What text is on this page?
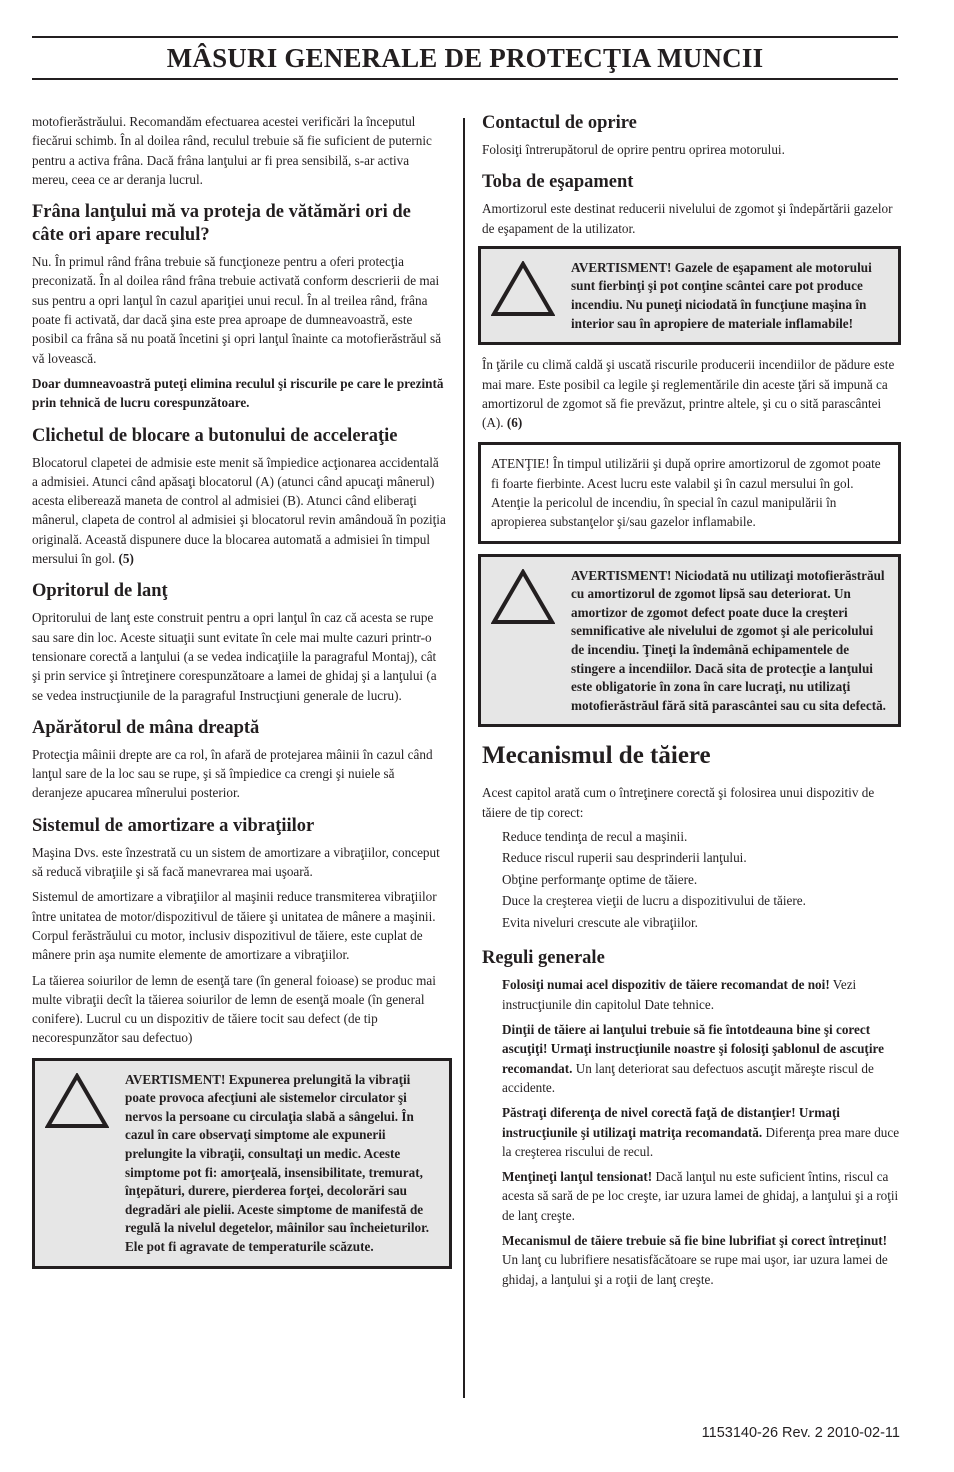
MÂSURI GENERALE DE PROTECŢIA MUNCII

motofierăstrăului. Recomandăm efectuarea acestei verificări la începutul fiecărui schimb. În al doilea rând, reculul trebuie să fie suficient de puternic pentru a activa frâna. Dacă frâna lanţului ar fi prea sensibilă, s-ar activa mereu, ceea ce ar deranja lucrul.

Frâna lanţului mă va proteja de vătămări ori de câte ori apare reculul?

Nu. În primul rând frâna trebuie să funcţioneze pentru a oferi protecţia preconizată. În al doilea rând frâna trebuie activată conform descrierii de mai sus pentru a opri lanţul în cazul apariţiei unui recul. În al treilea rând, frâna poate fi activată, dar dacă şina este prea aproape de dumneavoastră, este posibil ca frâna să nu poată încetini şi opri lanţul înainte ca motofierăstrăul să vă lovească.

Doar dumneavoastră puteţi elimina reculul şi riscurile pe care le prezintă prin tehnică de lucru corespunzătoare.

Clichetul de blocare a butonului de acceleraţie

Blocatorul clapetei de admisie este menit să împiedice acţionarea accidentală a admisiei. Atunci când apăsaţi blocatorul (A) (atunci când apucaţi mânerul) acesta eliberează maneta de control al admisiei (B). Atunci când eliberaţi mânerul, clapeta de control al admisiei şi blocatorul revin amândouă în poziţia originală. Această dispunere duce la blocarea automată a admisiei în timpul mersului în gol. (5)

Opritorul de lanţ

Opritorului de lanţ este construit pentru a opri lanţul în caz că acesta se rupe sau sare din loc. Aceste situaţii sunt evitate în cele mai multe cazuri printr-o tensionare corectă a lanţului (a se vedea indicaţiile la paragraful Montaj), cât şi prin service şi întreţinere corespunzătoare a lamei de ghidaj şi a lanţului (a se vedea instrucţiunile de la paragraful Instrucţiuni generale de lucru).

Apărătorul de mâna dreaptă

Protecţia mâinii drepte are ca rol, în afară de protejarea mâinii în cazul când lanţul sare de la loc sau se rupe, şi să împiedice ca crengi şi nuiele să deranjeze apucarea mînerului posterior.

Sistemul de amortizare a vibraţiilor

Maşina Dvs. este înzestrată cu un sistem de amortizare a vibraţiilor, conceput să reducă vibraţiile şi să facă manevrarea mai uşoară.

Sistemul de amortizare a vibraţiilor al maşinii reduce transmiterea vibraţiilor între unitatea de motor/dispozitivul de tăiere şi unitatea de mânere a maşinii. Corpul ferăstrăului cu motor, inclusiv dispozitivul de tăiere, este cuplat de mânere prin aşa numite elemente de amortizare a vibraţiilor.

La tăierea soiurilor de lemn de esenţă tare (în general foioase) se produc mai multe vibraţii decît la tăierea soiurilor de lemn de esenţă moale (în general conifere). Lucrul cu un dispozitiv de tăiere tocit sau defect (de tip necorespunzător sau defectuo)

AVERTISMENT! Expunerea prelungită la vibraţii poate provoca afecţiuni ale sistemelor circulator şi nervos la persoane cu circulaţia slabă a sângelui. În cazul în care observaţi simptome ale expunerii prelungite la vibraţii, consultaţi un medic. Aceste simptome pot fi: amorţeală, insensibilitate, tremurat, înţepături, durere, pierderea forţei, decolorări sau degradări ale pielii. Aceste simptome de manifestă de regulă la nivelul degetelor, mâinilor sau încheieturilor. Ele pot fi agravate de temperaturile scăzute.

Contactul de oprire

Folosiţi întrerupătorul de oprire pentru oprirea motorului.

Toba de eşapament

Amortizorul este destinat reducerii nivelului de zgomot şi îndepărtării gazelor de eşapament de la utilizator.

AVERTISMENT! Gazele de eşapament ale motorului sunt fierbinţi şi pot conţine scântei care pot produce incendiu. Nu puneţi niciodată în funcţiune maşina în interior sau în apropiere de materiale inflamabile!

În ţările cu climă caldă şi uscată riscurile producerii incendiilor de pădure este mai mare. Este posibil ca legile şi reglementările din aceste ţări să impună ca amortizorul de zgomot să fie prevăzut, printre altele, şi cu o sită parascântei (A). (6)

ATENŢIE! În timpul utilizării şi după oprire amortizorul de zgomot poate fi foarte fierbinte. Acest lucru este valabil şi în cazul mersului în gol. Atenţie la pericolul de incendiu, în special în cazul manipulării în apropierea substanţelor şi/sau gazelor inflamabile.

AVERTISMENT! Niciodată nu utilizaţi motofierăstrăul cu amortizorul de zgomot lipsă sau deteriorat. Un amortizor de zgomot defect poate duce la creşteri semnificative ale nivelului de zgomot şi ale pericolului de incendiu. Ţineţi la îndemână echipamentele de stingere a incendiilor. Dacă sita de protecţie a lanţului este obligatorie în zona în care lucraţi, nu utilizaţi motofierăstrăul fără sită parascântei sau cu sita defectă.

Mecanismul de tăiere

Acest capitol arată cum o întreţinere corectă şi folosirea unui dispozitiv de tăiere de tip corect:

Reduce tendinţa de recul a maşinii.
Reduce riscul ruperii sau desprinderii lanţului.
Obţine performanţe optime de tăiere.
Duce la creşterea vieţii de lucru a dispozitivului de tăiere.
Evita niveluri crescute ale vibraţiilor.
Reguli generale

Folosiţi numai acel dispozitiv de tăiere recomandat de noi! Vezi instrucţiunile din capitolul Date tehnice.

Dinţii de tăiere ai lanţului trebuie să fie întotdeauna bine şi corect ascuţiţi! Urmaţi instrucţiunile noastre şi folosiţi şablonul de ascuţire recomandat. Un lanţ deteriorat sau defectuos ascuţit măreşte riscul de accidente.

Păstraţi diferenţa de nivel corectă faţă de distanţier! Urmaţi instrucţiunile şi utilizaţi matriţa recomandată. Diferenţa prea mare duce la creşterea riscului de recul.

Menţineţi lanţul tensionat! Dacă lanţul nu este suficient întins, riscul ca acesta să sară de pe loc creşte, iar uzura lamei de ghidaj, a lanţului şi a roţii de lanţ creşte.

Mecanismul de tăiere trebuie să fie bine lubrifiat şi corect întreţinut! Un lanţ cu lubrifiere nesatisfăcătoare se rupe mai uşor, iar uzura lamei de ghidaj, a lanţului şi a roţii de lanţ creşte.

1153140-26 Rev. 2 2010-02-11
